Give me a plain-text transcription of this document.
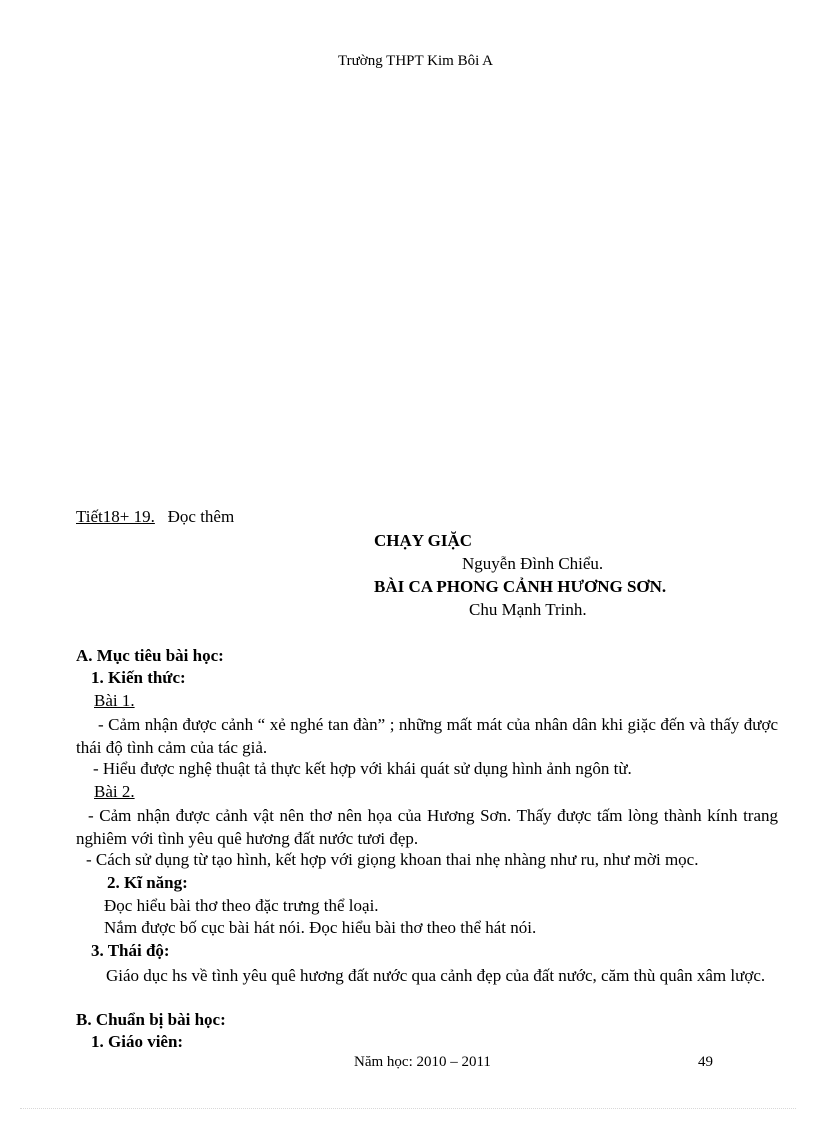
Trường THPT Kim Bôi A
Tiết18+ 19. Đọc thêm
CHẠY GIẶC
Nguyễn Đình Chiểu.
BÀI CA PHONG CẢNH HƯƠNG SƠN.
Chu Mạnh Trinh.
A. Mục tiêu bài học:
1. Kiến thức:
Bài 1.
- Cảm nhận được cảnh “ xẻ nghé tan đàn” ; những mất mát của nhân dân khi giặc đến và thấy được thái độ tình cảm của tác giả.
- Hiểu được nghệ thuật tả thực kết hợp với khái quát sử dụng hình ảnh ngôn từ.
Bài 2.
- Cảm nhận được cảnh vật nên thơ nên họa của Hương Sơn. Thấy được tấm lòng thành kính trang nghiêm với tình yêu quê hương đất nước tươi đẹp.
- Cách sử dụng từ tạo hình, kết hợp với giọng khoan thai nhẹ nhàng như ru, như mời mọc.
2. Kĩ năng:
Đọc hiểu bài thơ theo đặc trưng thể loại.
Nắm được bố cục bài hát nói. Đọc hiểu bài thơ theo thể hát nói.
3. Thái độ:
Giáo dục hs về tình yêu quê hương đất nước qua cảnh đẹp của đất nước, căm thù quân xâm lược.
B. Chuẩn bị bài học:
1. Giáo viên:
Năm học: 2010 – 2011	49
